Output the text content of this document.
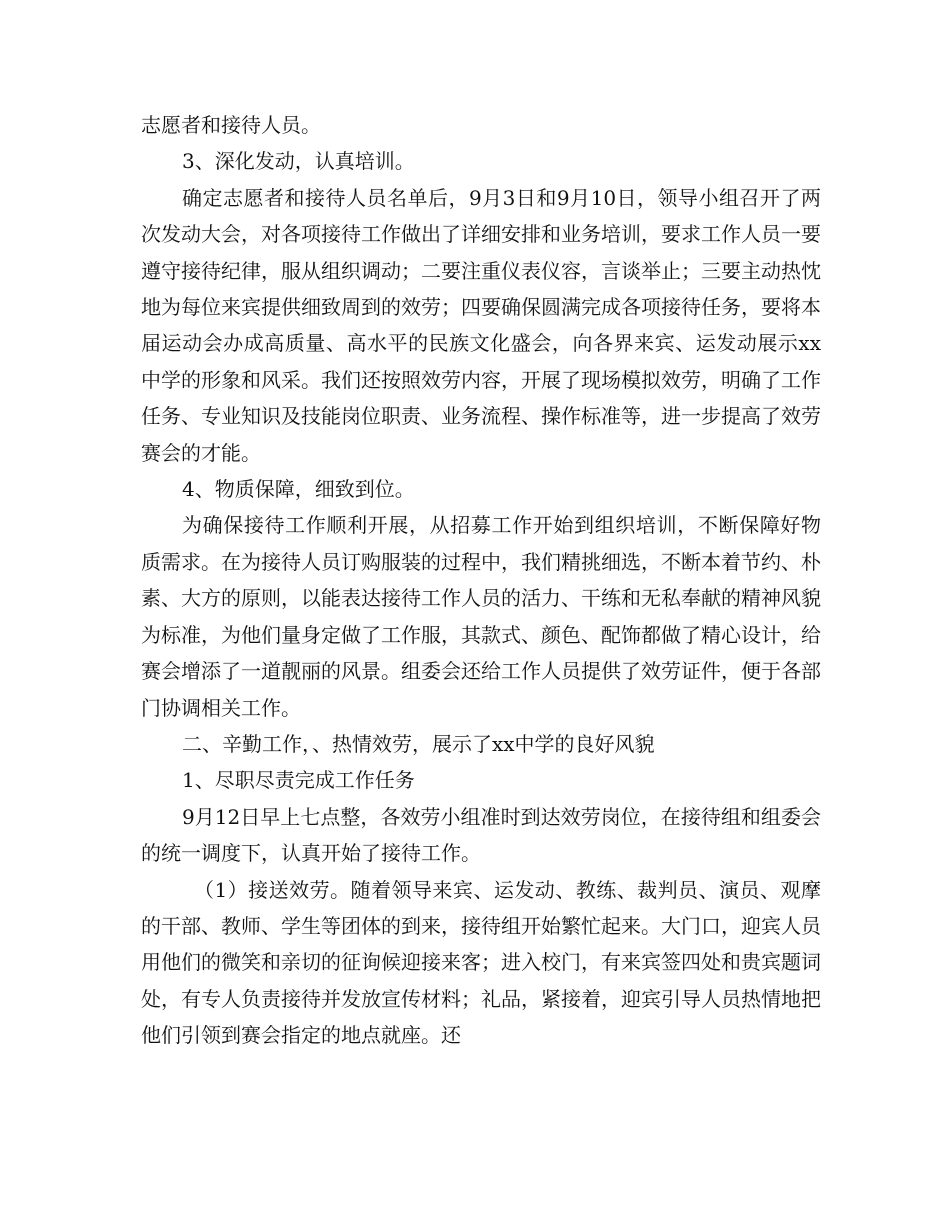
志愿者和接待人员。

3、深化发动，认真培训。

确定志愿者和接待人员名单后，9月3日和9月10日，领导小组召开了两次发动大会，对各项接待工作做出了详细安排和业务培训，要求工作人员一要遵守接待纪律，服从组织调动；二要注重仪表仪容，言谈举止；三要主动热忱地为每位来宾提供细致周到的效劳；四要确保圆满完成各项接待任务，要将本届运动会办成高质量、高水平的民族文化盛会，向各界来宾、运发动展示xx中学的形象和风采。我们还按照效劳内容，开展了现场模拟效劳，明确了工作任务、专业知识及技能岗位职责、业务流程、操作标准等，进一步提高了效劳赛会的才能。

4、物质保障，细致到位。

为确保接待工作顺利开展，从招募工作开始到组织培训，不断保障好物质需求。在为接待人员订购服装的过程中，我们精挑细选，不断本着节约、朴素、大方的原则，以能表达接待工作人员的活力、干练和无私奉献的精神风貌为标准，为他们量身定做了工作服，其款式、颜色、配饰都做了精心设计，给赛会增添了一道靓丽的风景。组委会还给工作人员提供了效劳证件，便于各部门协调相关工作。

二、辛勤工作，、热情效劳，展示了xx中学的良好风貌

1、尽职尽责完成工作任务

9月12日早上七点整，各效劳小组准时到达效劳岗位，在接待组和组委会的统一调度下，认真开始了接待工作。

（1）接送效劳。随着领导来宾、运发动、教练、裁判员、演员、观摩的干部、教师、学生等团体的到来，接待组开始繁忙起来。大门口，迎宾人员用他们的微笑和亲切的征询候迎接来客；进入校门，有来宾签四处和贵宾题词处，有专人负责接待并发放宣传材料；礼品，紧接着，迎宾引导人员热情地把他们引领到赛会指定的地点就座。还
